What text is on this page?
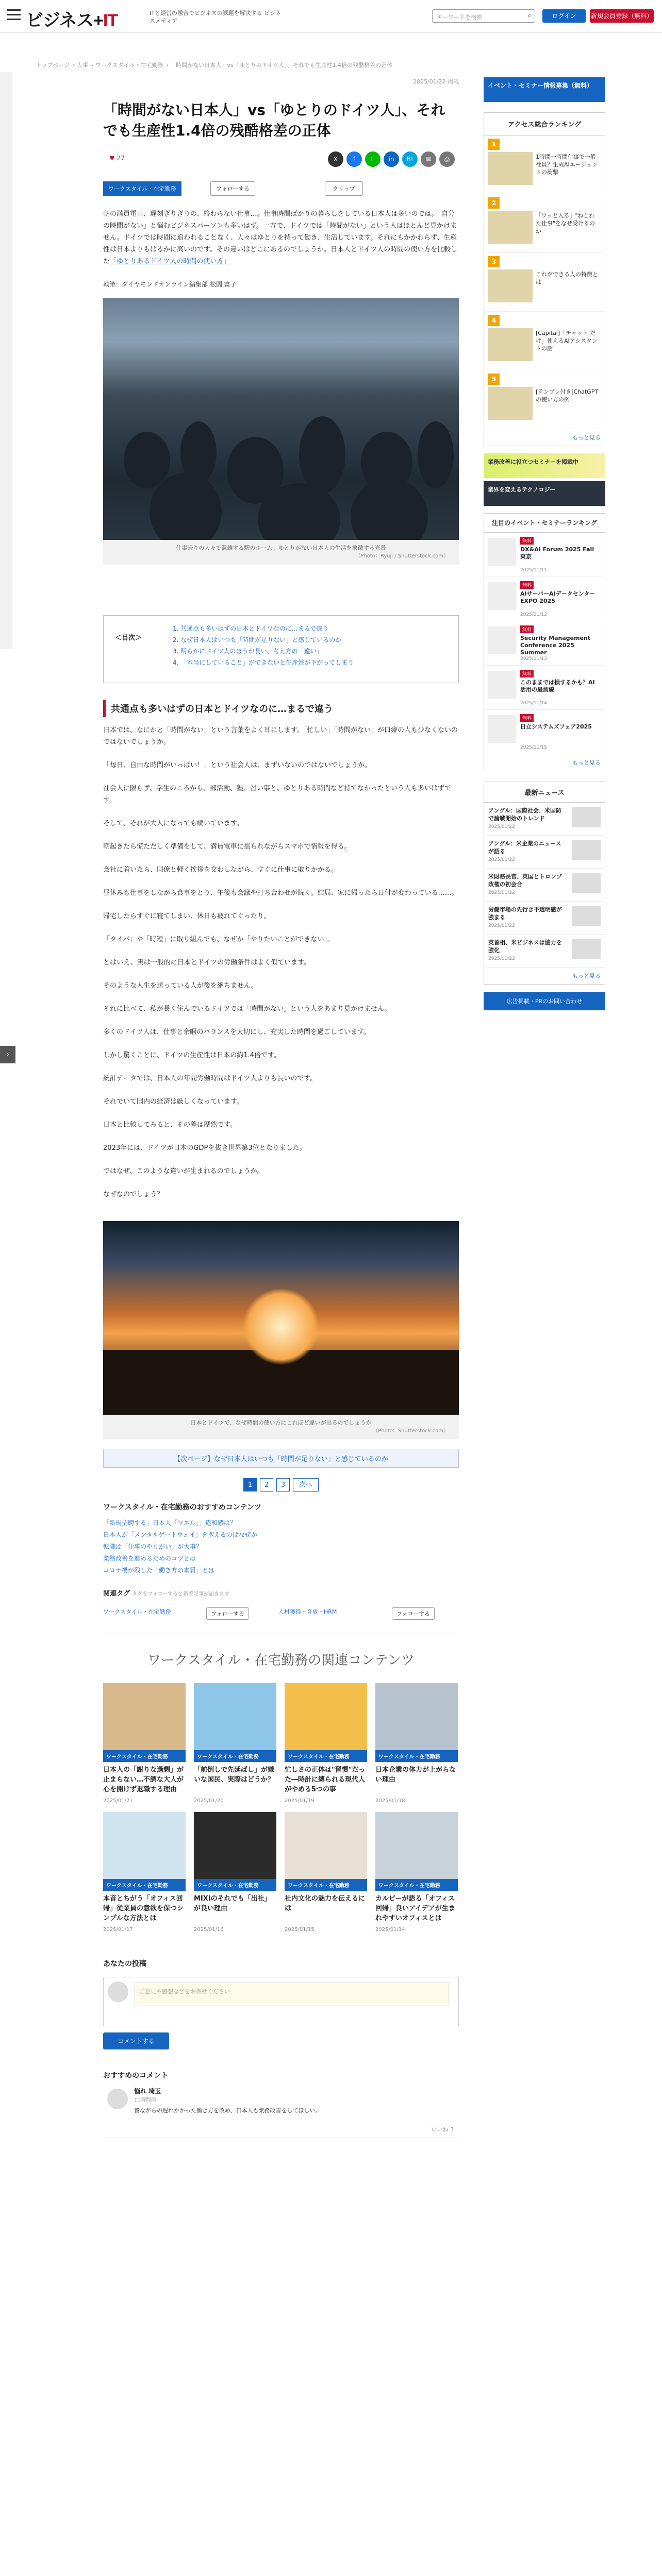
ビジネス+IT	ITと経営の融合でビジネスの課題を解決する ビジネスメディア
キーワードを検索	⌕	ログイン	新規会員登録（無料）
›
トップページ › 人事 › ワークスタイル・在宅勤務 › 「時間がない日本人」vs「ゆとりのドイツ人」、それでも生産性1.4倍の残酷格差の正体
2025/01/22 掲載
「時間がない日本人」vs「ゆとりのドイツ人」、それでも生産性1.4倍の残酷格差の正体
♥ 27	X f	L in B! ✉ ⎙
ワークスタイル・在宅勤務	フォローする	クリップ

朝の満員電車、遅刻ぎりぎりの、終わらない仕事…。仕事時間ばかりの暮らしをしている日本人は多いのでは。「自分の時間がない」と悩むビジネスパーソンも多いはず。一方で、ドイツでは「時間がない」という人はほとんど見かけません。ドイツでは時間に追われることなく、人々はゆとりを持って働き、生活しています。それにもかかわらず、生産性は日本よりもはるかに高いのです。その違いはどこにあるのでしょうか。日本人とドイツ人の時間の使い方を比較した「ゆとりあるドイツ人の時間の使い方」

執筆：ダイヤモンドオンライン編集部 松園 富子
仕事帰りの人々で混雑する駅のホーム。ゆとりがない日本人の生活を象徴する光景
（Photo：Ryuji / Shutterstock.com）
＜目次＞
1. 共通点も多いはずの日本とドイツなのに…まるで違う
2. なぜ日本人はいつも「時間が足りない」と感じているのか
3. 明らかにドイツ人のほうが長い、考え方の「違い」
4. 「本当にしていること」ができないと生産性が下がってしまう
共通点も多いはずの日本とドイツなのに…まるで違う

日本では、なにかと「時間がない」という言葉をよく耳にします。「忙しい」「時間がない」が口癖の人も少なくないのではないでしょうか。

「毎日、自由な時間がいっぱい！」という社会人は、まずいないのではないでしょうか。

社会人に限らず、学生のころから、部活動、塾、習い事と、ゆとりある時間など持てなかったという人も多いはずです。

そして、それが大人になっても続いています。

朝起きたら慌ただしく準備をして、満員電車に揺られながらスマホで情報を得る。

会社に着いたら、同僚と軽く挨拶を交わしながら、すぐに仕事に取りかかる。

昼休みも仕事をしながら食事をとり、午後も会議や打ち合わせが続く。結局、家に帰ったら日付が変わっている……。

帰宅したらすぐに寝てしまい、休日も疲れてぐったり。

「タイパ」や「時短」に取り組んでも、なぜか「やりたいことができない」。

とはいえ、実は一般的に日本とドイツの労働条件はよく似ています。

そのような人生を送っている人が後を絶ちません。

それに比べて、私が長く住んでいるドイツでは「時間がない」という人をあまり見かけません。

多くのドイツ人は、仕事と余暇のバランスを大切にし、充実した時間を過ごしています。

しかし驚くことに、ドイツの生産性は日本の約1.4倍です。

統計データでは、日本人の年間労働時間はドイツ人よりも長いのです。

それでいて国内の経済は厳しくなっています。

日本と比較してみると、その差は歴然です。

2023年には、ドイツが日本のGDPを抜き世界第3位となりました。

ではなぜ、このような違いが生まれるのでしょうか。

なぜなのでしょう？

日本とドイツで、なぜ時間の使い方にこれほど違いが出るのでしょうか
（Photo：Shutterstock.com）
【次ページ】なぜ日本人はいつも「時間が足りない」と感じているのか
1 2 3 次へ
ワークスタイル・在宅勤務のおすすめコンテンツ
「新規招聘する」日本人「ワエル」」違和感は？
日本人が「メンタルゲートウェイ」を抱えるのはなぜか
転職は「仕事のやりがい」が大事？
業務改善を進めるためのコツとは
コロナ禍が残した「働き方の本質」とは
関連タグ タグをフォローすると新着記事が届きます
ワークスタイル・在宅勤務	フォローする	人材獲得・育成・HRM	フォローする
ワークスタイル・在宅勤務の関連コンテンツ
ワークスタイル・在宅勤務
日本人の「謝りな過剰」が止まらない…不調な大人が心を開けず退職する理由
2025/01/21
ワークスタイル・在宅勤務
「前倒しで先延ばし」が嫌いな国民、実際はどうか？
2025/01/20
ワークスタイル・在宅勤務
忙しさの正体は"習慣"だった―時計に縛られる現代人がやめる5つの事
2025/01/19
ワークスタイル・在宅勤務
日本企業の体力が上がらない理由
2025/01/18
ワークスタイル・在宅勤務
本音とちがう「オフィス回帰」従業員の意欲を保つシンプルな方法とは
2025/01/17
ワークスタイル・在宅勤務
MIXIのそれでも「出社」が良い理由
2025/01/16
ワークスタイル・在宅勤務
社内文化の魅力を伝えるには
2025/01/15
ワークスタイル・在宅勤務
カルビーが語る「オフィス回帰」良いアイデアが生まれやすいオフィスとは
2025/01/14
あなたの投稿
ご意見や感想などをお寄せください
コメントする
おすすめのコメント
悩れ 埼玉
11時間前
昔ながらの遅れかかった働き方を改め、日本人も業務改善をしてほしい。
いいね 3
イベント・セミナー情報募集（無料）
アクセス総合ランキング
1
1時間一時間仕事で一般社員？生成AIエージェントの衝撃
2
「ワッと入る」"ねじれた仕事"をなぜ受けるのか
3
これができる人の特徴とは
4
[Capital]「チャット だけ」使えるAIアシスタントの話
5
[テンプレ付き]ChatGPTの使い方の例
もっと見る
業務改善に役立つセミナーを掲載中
業界を変えるテクノロジー
注目のイベント・セミナーランキング
無料
DX&AI Forum 2025 Fall 東京
2025/11/11
無料
AIサーバーAIデータセンターEXPO 2025
2025/11/12
無料
Security Management Conference 2025 Summer
2025/11/13
無料
このままでは損するかも？AI活用の最前線
2025/11/14
無料
日立システムズフェア2025
2025/11/15
もっと見る
最新ニュース
アングル：国際社会、米国防で論戦開始のトレンド
2025/01/22
アングル：米企業のニュースが語る
2025/01/22
米財務長官、英国とトロンプ政権の初会合
2025/01/22
労働市場の先行き不透明感が強まる
2025/01/22
英首相、米ビジネスは協力を強化
2025/01/22
もっと見る
広告掲載・PRのお問い合わせ
